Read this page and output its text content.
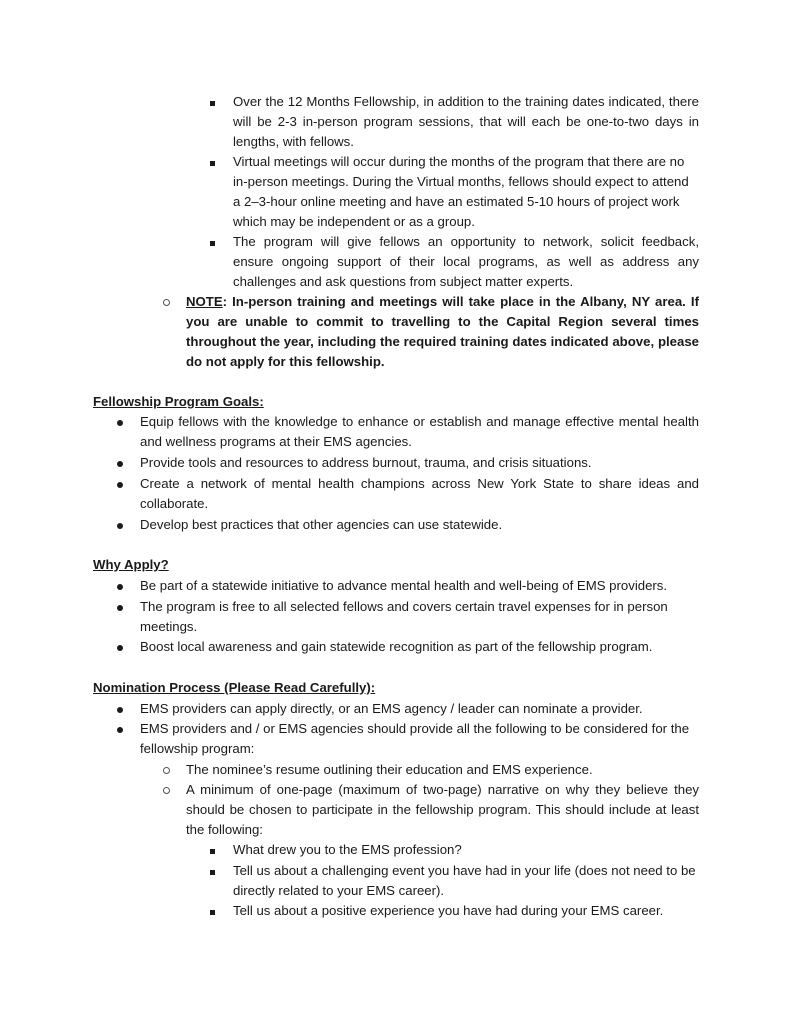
Over the 12 Months Fellowship, in addition to the training dates indicated, there will be 2-3 in-person program sessions, that will each be one-to-two days in lengths, with fellows.
Virtual meetings will occur during the months of the program that there are no in-person meetings. During the Virtual months, fellows should expect to attend a 2–3-hour online meeting and have an estimated 5-10 hours of project work which may be independent or as a group.
The program will give fellows an opportunity to network, solicit feedback, ensure ongoing support of their local programs, as well as address any challenges and ask questions from subject matter experts.
NOTE: In-person training and meetings will take place in the Albany, NY area. If you are unable to commit to travelling to the Capital Region several times throughout the year, including the required training dates indicated above, please do not apply for this fellowship.
Fellowship Program Goals:
Equip fellows with the knowledge to enhance or establish and manage effective mental health and wellness programs at their EMS agencies.
Provide tools and resources to address burnout, trauma, and crisis situations.
Create a network of mental health champions across New York State to share ideas and collaborate.
Develop best practices that other agencies can use statewide.
Why Apply?
Be part of a statewide initiative to advance mental health and well-being of EMS providers.
The program is free to all selected fellows and covers certain travel expenses for in person meetings.
Boost local awareness and gain statewide recognition as part of the fellowship program.
Nomination Process (Please Read Carefully):
EMS providers can apply directly, or an EMS agency / leader can nominate a provider.
EMS providers and / or EMS agencies should provide all the following to be considered for the fellowship program:
The nominee’s resume outlining their education and EMS experience.
A minimum of one-page (maximum of two-page) narrative on why they believe they should be chosen to participate in the fellowship program. This should include at least the following:
What drew you to the EMS profession?
Tell us about a challenging event you have had in your life (does not need to be directly related to your EMS career).
Tell us about a positive experience you have had during your EMS career.
